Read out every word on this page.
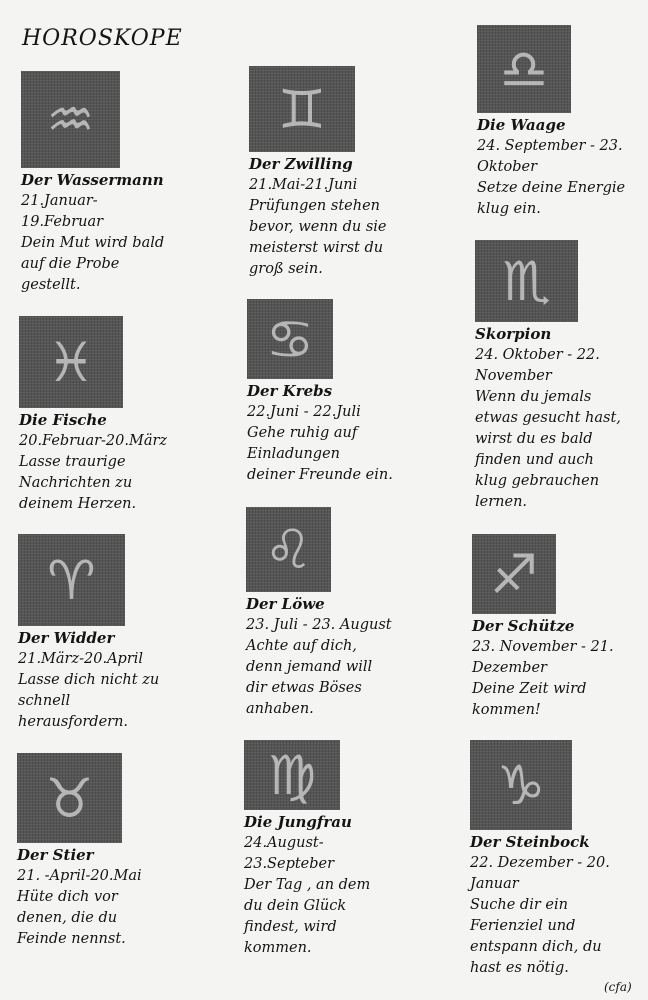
HOROSKOPE
♒
Der Wassermann
21.Januar-
19.Februar
Dein Mut wird bald
auf die Probe
gestellt.
♓
Die Fische
20.Februar-20.März
Lasse traurige
Nachrichten zu
deinem Herzen.
♈
Der Widder
21.März-20.April
Lasse dich nicht zu
schnell
herausfordern.
♉
Der Stier
21. -April-20.Mai
Hüte dich vor
denen, die du
Feinde nennst.
♊
Der Zwilling
21.Mai-21.Juni
Prüfungen stehen
bevor, wenn du sie
meisterst wirst du
groß sein.
♋
Der Krebs
22.Juni - 22.Juli
Gehe ruhig auf
Einladungen
deiner Freunde ein.
♌
Der Löwe
23. Juli - 23. August
Achte auf dich,
denn jemand will
dir etwas Böses
anhaben.
♍
Die Jungfrau
24.August-
23.Septeber
Der Tag , an dem
du dein Glück
findest, wird
kommen.
♎
Die Waage
24. September - 23.
Oktober
Setze deine Energie
klug ein.
♏
Skorpion
24. Oktober - 22.
November
Wenn du jemals
etwas gesucht hast,
wirst du es bald
finden und auch
klug gebrauchen
lernen.
♐
Der Schütze
23. November - 21.
Dezember
Deine Zeit wird
kommen!
♑
Der Steinbock
22. Dezember - 20.
Januar
Suche dir ein
Ferienziel und
entspann dich, du
hast es nötig.
(cfa)
